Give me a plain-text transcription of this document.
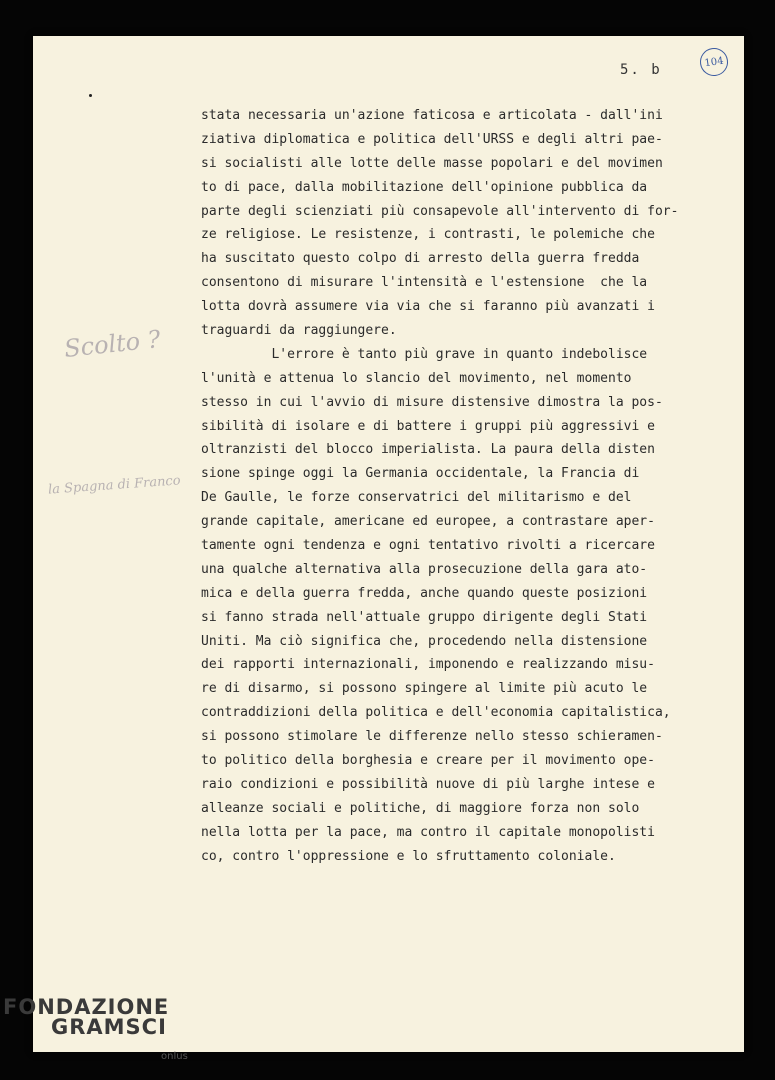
5. b
104
Scolto ?
la Spagna di Franco
stata necessaria un'azione faticosa e articolata - dall'ini
ziativa diplomatica e politica dell'URSS e degli altri pae-
si socialisti alle lotte delle masse popolari e del movimen
to di pace, dalla mobilitazione dell'opinione pubblica da
parte degli scienziati più consapevole all'intervento di for-
ze religiose. Le resistenze, i contrasti, le polemiche che
ha suscitato questo colpo di arresto della guerra fredda
consentono di misurare l'intensità e l'estensione  che la
lotta dovrà assumere via via che si faranno più avanzati i
traguardi da raggiungere.
L'errore è tanto più grave in quanto indebolisce
l'unità e attenua lo slancio del movimento, nel momento
stesso in cui l'avvio di misure distensive dimostra la pos-
sibilità di isolare e di battere i gruppi più aggressivi e
oltranzisti del blocco imperialista. La paura della disten
sione spinge oggi la Germania occidentale, la Francia di
De Gaulle, le forze conservatrici del militarismo e del
grande capitale, americane ed europee, a contrastare aper-
tamente ogni tendenza e ogni tentativo rivolti a ricercare
una qualche alternativa alla prosecuzione della gara ato-
mica e della guerra fredda, anche quando queste posizioni
si fanno strada nell'attuale gruppo dirigente degli Stati
Uniti. Ma ciò significa che, procedendo nella distensione
dei rapporti internazionali, imponendo e realizzando misu-
re di disarmo, si possono spingere al limite più acuto le
contraddizioni della politica e dell'economia capitalistica,
si possono stimolare le differenze nello stesso schieramen-
to politico della borghesia e creare per il movimento ope-
raio condizioni e possibilità nuove di più larghe intese e
alleanze sociali e politiche, di maggiore forza non solo
nella lotta per la pace, ma contro il capitale monopolisti
co, contro l'oppressione e lo sfruttamento coloniale.
FONDAZIONE
GRAMSCI
onlus
